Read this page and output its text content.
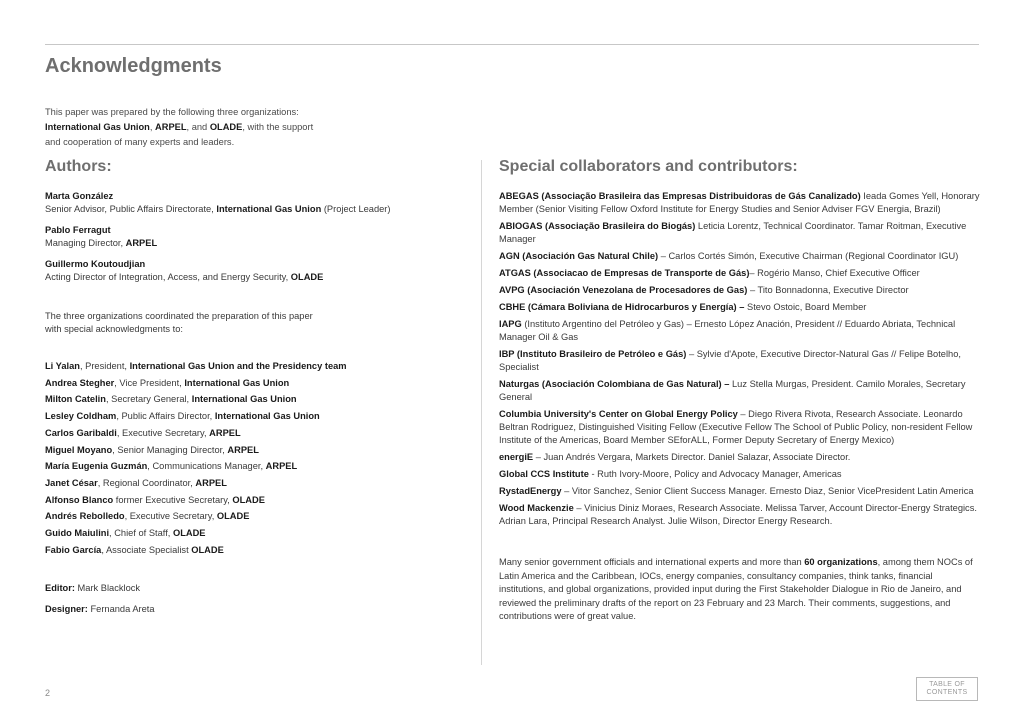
Acknowledgments
This paper was prepared by the following three organizations:
International Gas Union, ARPEL, and OLADE, with the support
and cooperation of many experts and leaders.
Authors:
Marta González
Senior Advisor, Public Affairs Directorate, International Gas Union (Project Leader)
Pablo Ferragut
Managing Director, ARPEL
Guillermo Koutoudjian
Acting Director of Integration, Access, and Energy Security, OLADE
The three organizations coordinated the preparation of this paper
with special acknowledgments to:
Li Yalan, President, International Gas Union and the Presidency team
Andrea Stegher, Vice President, International Gas Union
Milton Catelin, Secretary General, International Gas Union
Lesley Coldham, Public Affairs Director, International Gas Union
Carlos Garibaldi, Executive Secretary, ARPEL
Miguel Moyano, Senior Managing Director, ARPEL
María Eugenia Guzmán, Communications Manager, ARPEL
Janet César, Regional Coordinator, ARPEL
Alfonso Blanco former Executive Secretary, OLADE
Andrés Rebolledo, Executive Secretary, OLADE
Guido Maiulini, Chief of Staff, OLADE
Fabio García, Associate Specialist OLADE
Editor: Mark Blacklock
Designer: Fernanda Areta
Special collaborators and contributors:
ABEGAS (Associação Brasileira das Empresas Distribuidoras de Gás Canalizado) Ieada Gomes Yell, Honorary Member (Senior Visiting Fellow Oxford Institute for Energy Studies and Senior Adviser FGV Energia, Brazil)
ABIOGAS (Associação Brasileira do Biogás) Leticia Lorentz, Technical Coordinator. Tamar Roitman, Executive Manager
AGN (Asociación Gas Natural Chile) – Carlos Cortés Simón, Executive Chairman (Regional Coordinator IGU)
ATGAS (Associacao de Empresas de Transporte de Gás)– Rogério Manso, Chief Executive Officer
AVPG (Asociación Venezolana de Procesadores de Gas) – Tito Bonnadonna, Executive Director
CBHE (Cámara Boliviana de Hidrocarburos y Energía) – Stevo Ostoic, Board Member
IAPG (Instituto Argentino del Petróleo y Gas) – Ernesto López Anación, President // Eduardo Abriata, Technical Manager Oil & Gas
IBP (Instituto Brasileiro de Petróleo e Gás) – Sylvie d'Apote, Executive Director-Natural Gas // Felipe Botelho, Specialist
Naturgas (Asociación Colombiana de Gas Natural) – Luz Stella Murgas, President. Camilo Morales, Secretary General
Columbia University's Center on Global Energy Policy – Diego Rivera Rivota, Research Associate. Leonardo Beltran Rodriguez, Distinguished Visiting Fellow (Executive Fellow The School of Public Policy, non-resident Fellow Institute of the Americas, Board Member SEforALL, Former Deputy Secretary of Energy Mexico)
energiE – Juan Andrés Vergara, Markets Director. Daniel Salazar, Associate Director.
Global CCS Institute - Ruth Ivory-Moore, Policy and Advocacy Manager, Americas
RystadEnergy – Vitor Sanchez, Senior Client Success Manager. Ernesto Diaz, Senior VicePresident Latin America
Wood Mackenzie – Vinicius Diniz Moraes, Research Associate. Melissa Tarver, Account Director-Energy Strategics. Adrian Lara, Principal Research Analyst. Julie Wilson, Director Energy Research.
Many senior government officials and international experts and more than 60 organizations, among them NOCs of Latin America and the Caribbean, IOCs, energy companies, consultancy companies, think tanks, financial institutions, and global organizations, provided input during the First Stakeholder Dialogue in Rio de Janeiro, and reviewed the preliminary drafts of the report on 23 February and 23 March. Their comments, suggestions, and contributions were of great value.
2
TABLE OF
CONTENTS
